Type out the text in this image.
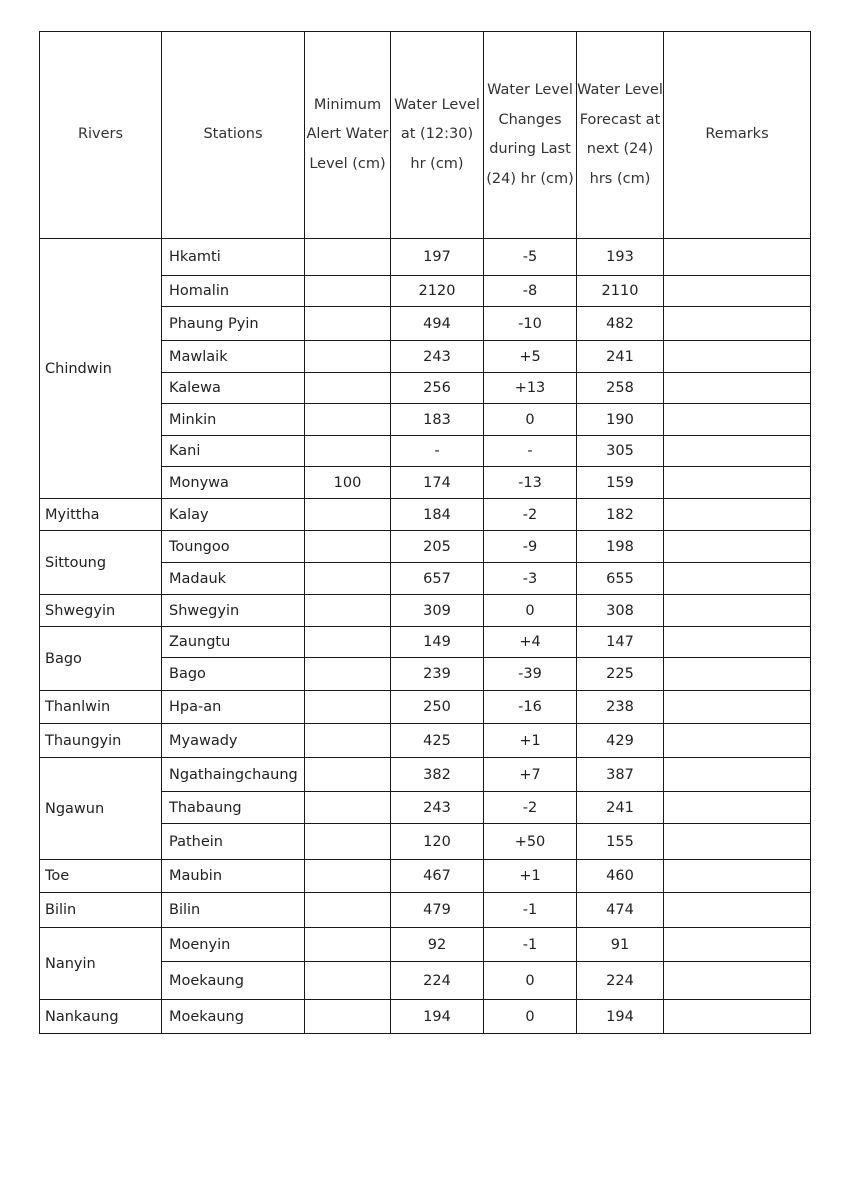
Rivers	Stations	Minimum Alert Water Level (cm)	Water Level at (12:30) hr (cm)	Water Level Changes during Last (24) hr (cm)	Water Level Forecast at next (24) hrs (cm)	Remarks
Chindwin	Hkamti		197	-5	193	
	Homalin		2120	-8	2110	
	Phaung Pyin		494	-10	482	
	Mawlaik		243	+5	241	
	Kalewa		256	+13	258	
	Minkin		183	0	190	
	Kani		-	-	305	
	Monywa	100	174	-13	159	
Myittha	Kalay		184	-2	182	
Sittoung	Toungoo		205	-9	198	
	Madauk		657	-3	655	
Shwegyin	Shwegyin		309	0	308	
Bago	Zaungtu		149	+4	147	
	Bago		239	-39	225	
Thanlwin	Hpa-an		250	-16	238	
Thaungyin	Myawady		425	+1	429	
Ngawun	Ngathaingchaung		382	+7	387	
	Thabaung		243	-2	241	
	Pathein		120	+50	155	
Toe	Maubin		467	+1	460	
Bilin	Bilin		479	-1	474	
Nanyin	Moenyin		92	-1	91	
	Moekaung		224	0	224	
Nankaung	Moekaung		194	0	194	
